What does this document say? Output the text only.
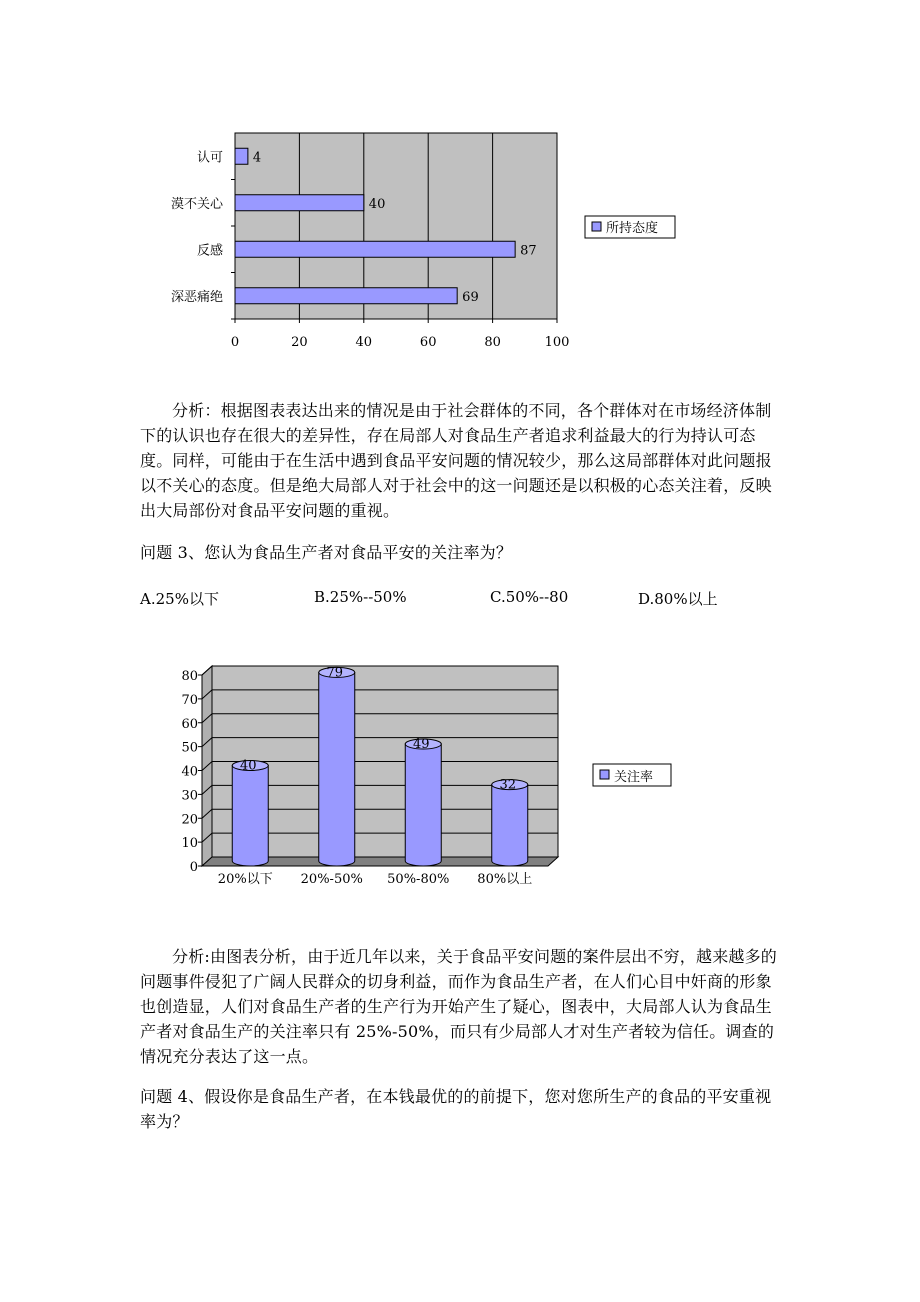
认可 4
漠不关心	40
反感	87
深恶痛绝	69
0	20	40	60	80	100
所持态度

分析：根据图表表达出来的情况是由于社会群体的不同，各个群体对在市场经济体制下的认识也存在很大的差异性，存在局部人对食品生产者追求利益最大的行为持认可态度。同样，可能由于在生活中遇到食品平安问题的情况较少，那么这局部群体对此问题报以不关心的态度。但是绝大局部人对于社会中的这一问题还是以积极的心态关注着，反映出大局部份对食品平安问题的重视。

问题 3、您认为食品生产者对食品平安的关注率为？

A.25%以下	B.25%--50%	C.50%--80	D.80%以上
0
10
20
30
40
50
60
70
80
40
79
49
32
20%以下 20%-50% 50%-80% 80%以上
关注率

分析:由图表分析，由于近几年以来，关于食品平安问题的案件层出不穷，越来越多的问题事件侵犯了广阔人民群众的切身利益，而作为食品生产者，在人们心目中奸商的形象也创造显，人们对食品生产者的生产行为开始产生了疑心，图表中，大局部人认为食品生产者对食品生产的关注率只有 25%-50%，而只有少局部人才对生产者较为信任。调查的情况充分表达了这一点。

问题 4、假设你是食品生产者，在本钱最优的的前提下，您对您所生产的食品的平安重视率为？
